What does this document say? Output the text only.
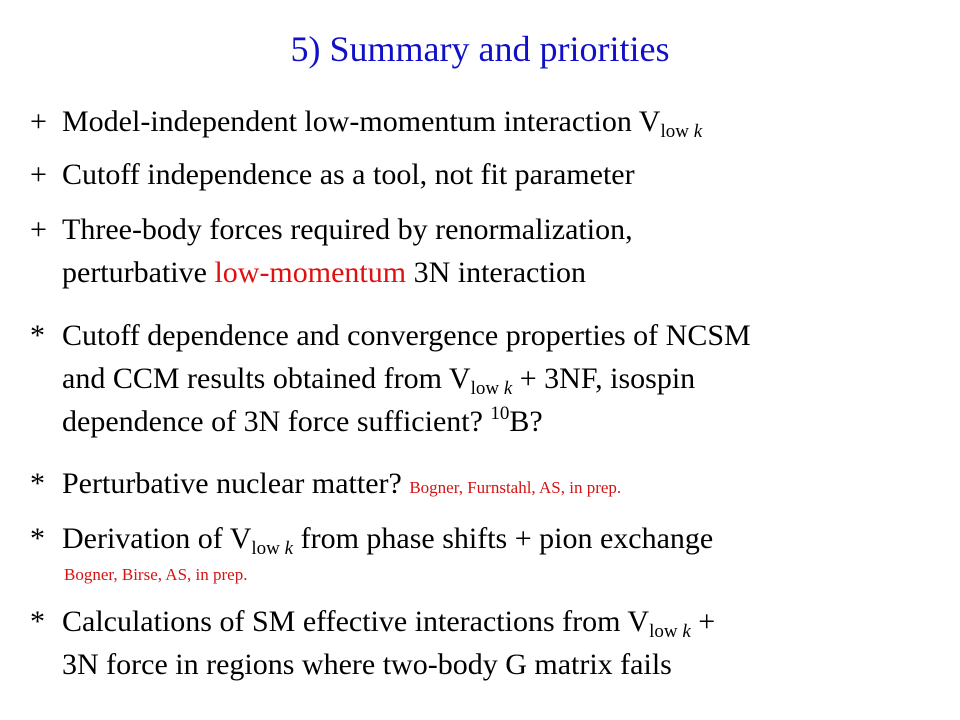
5) Summary and priorities
+ Model-independent low-momentum interaction $V_{low k}$
+ Cutoff independence as a tool, not fit parameter
+ Three-body forces required by renormalization,
perturbative low-momentum 3N interaction
* Cutoff dependence and convergence properties of NCSM
and CCM results obtained from $V_{low k} + 3NF$, isospin
dependence of 3N force sufficient? $^{10}$B?
* Perturbative nuclear matter? Bogner, Furnstahl, AS, in prep.
* Derivation of $V_{low k}$ from phase shifts + pion exchange
Bogner, Birse, AS, in prep.
* Calculations of SM effective interactions from $V_{low k}$ +
3N force in regions where two-body G matrix fails
